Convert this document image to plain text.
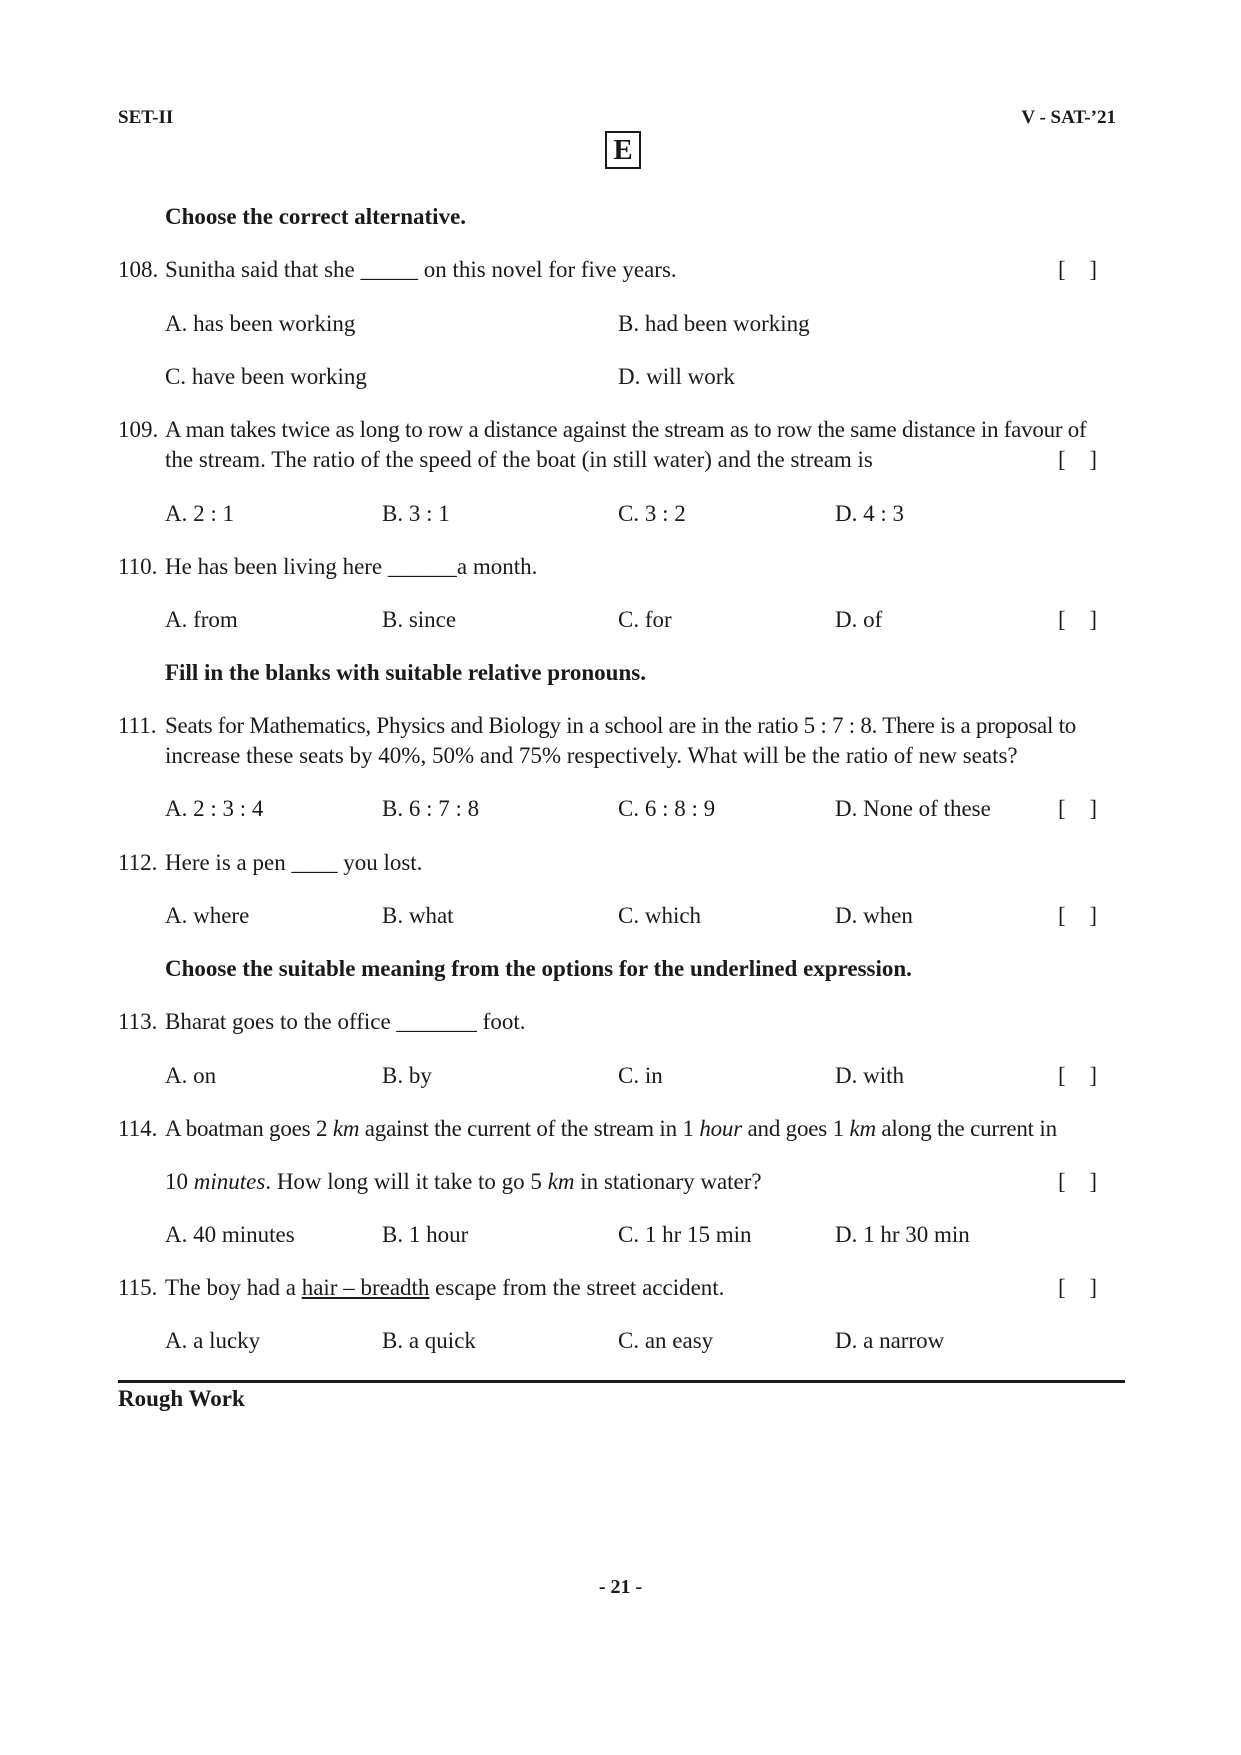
SET-II	V - SAT-’21
E
Choose the correct alternative.
108. Sunitha said that she _____ on this novel for five years.	[ ]
A. has been working	B. had been working
C. have been working	D. will work
109. A man takes twice as long to row a distance against the stream as to row the same distance in favour of
the stream. The ratio of the speed of the boat (in still water) and the stream is	[ ]
A. 2 : 1	B. 3 : 1	C. 3 : 2	D. 4 : 3
110. He has been living here ______a month.
A. from	B. since	C. for	D. of	[ ]
Fill in the blanks with suitable relative pronouns.
111. Seats for Mathematics, Physics and Biology in a school are in the ratio 5 : 7 : 8. There is a proposal to
increase these seats by 40%, 50% and 75% respectively. What will be the ratio of new seats?
A. 2 : 3 : 4	B. 6 : 7 : 8	C. 6 : 8 : 9	D. None of these	[ ]
112. Here is a pen ____ you lost.
A. where	B. what	C. which	D. when	[ ]
Choose the suitable meaning from the options for the underlined expression.
113. Bharat goes to the office _______ foot.
A. on	B. by	C. in	D. with	[ ]
114. A boatman goes 2 km against the current of the stream in 1 hour and goes 1 km along the current in
10 minutes. How long will it take to go 5 km in stationary water?	[ ]
A. 40 minutes	B. 1 hour	C. 1 hr 15 min	D. 1 hr 30 min
115. The boy had a hair – breadth escape from the street accident.	[ ]
A. a lucky	B. a quick	C. an easy	D. a narrow
Rough Work
- 21 -
